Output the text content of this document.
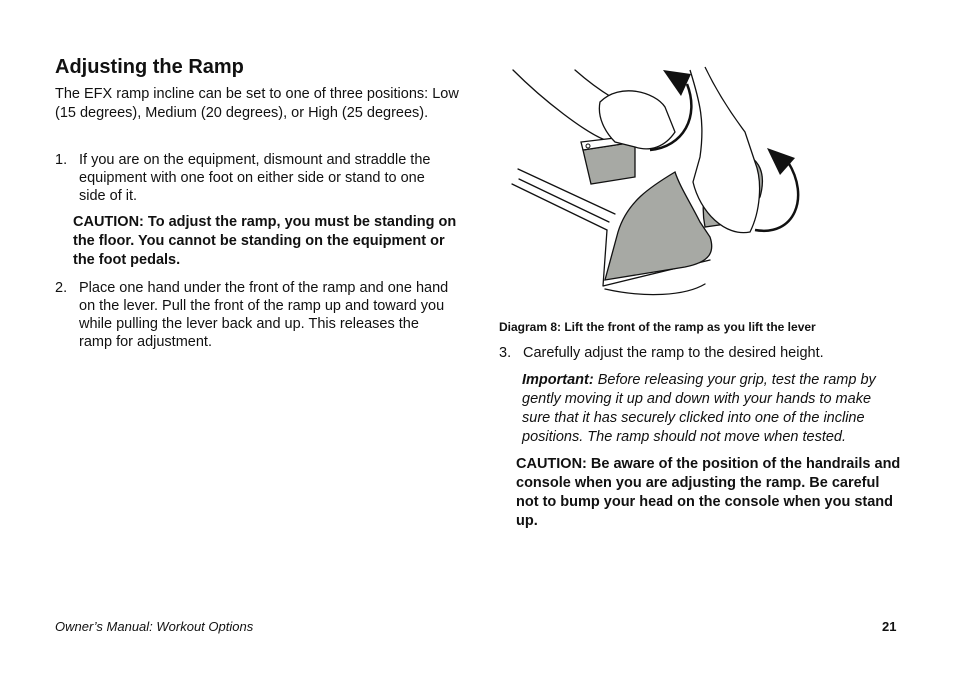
Adjusting the Ramp

The EFX ramp incline can be set to one of three positions: Low (15 degrees), Medium (20 degrees), or High (25 degrees).

1. If you are on the equipment, dismount and straddle the equipment with one foot on either side or stand to one side of it.
CAUTION: To adjust the ramp, you must be standing on the floor. You cannot be standing on the equipment or the foot pedals.
2. Place one hand under the front of the ramp and one hand on the lever. Pull the front of the ramp up and toward you while pulling the lever back and up. This releases the ramp for adjustment.
Diagram 8: Lift the front of the ramp as you lift the lever
3. Carefully adjust the ramp to the desired height.
Important: Before releasing your grip, test the ramp by gently moving it up and down with your hands to make sure that it has securely clicked into one of the incline positions. The ramp should not move when tested.
CAUTION: Be aware of the position of the handrails and console when you are adjusting the ramp. Be careful not to bump your head on the console when you stand up.
Owner’s Manual: Workout Options	21
